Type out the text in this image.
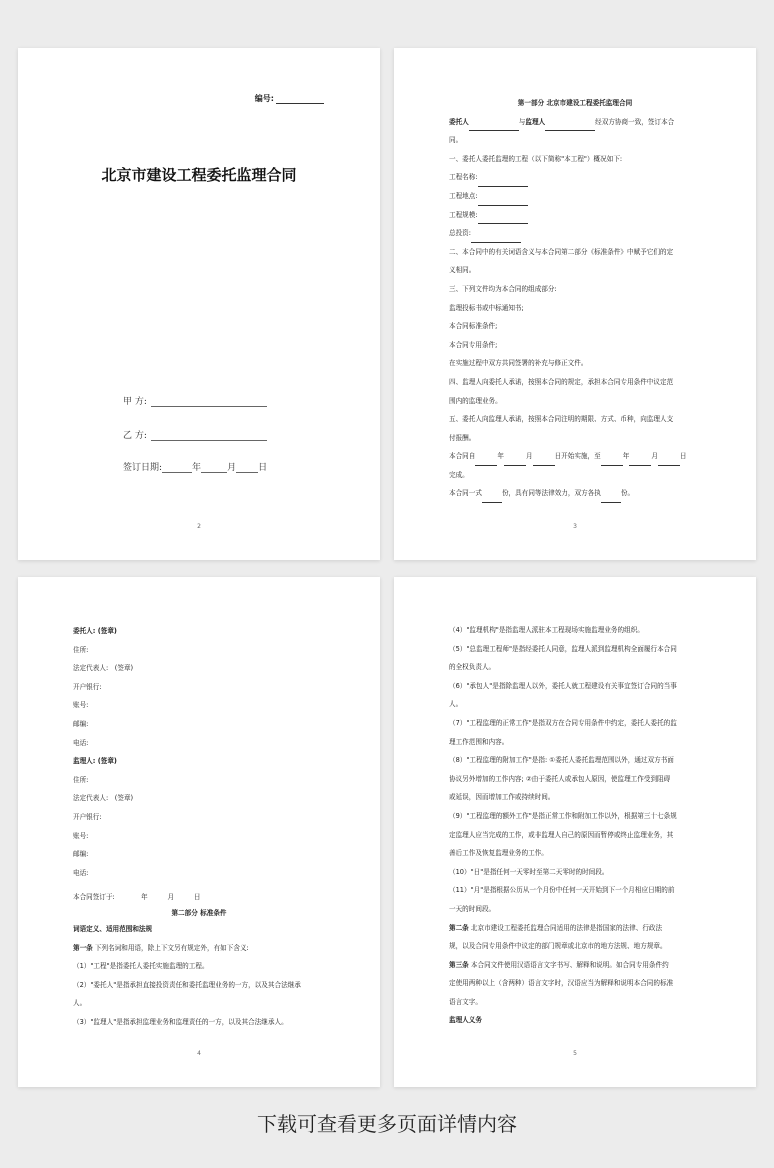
编号:
北京市建设工程委托监理合同
甲 方:
乙 方:
签订日期:	年	月 日
2

第一部分 北京市建设工程委托监理合同

委托人	与 监理人	经双方协商一致，签订本合

同。

一、委托人委托监理的工程（以下简称"本工程"）概况如下:

工程名称:

工程地点:

工程规模:

总投资:

二、本合同中的有关词语含义与本合同第二部分《标准条件》中赋予它们的定

义相同。

三、下列文件均为本合同的组成部分:

监理投标书或中标通知书;

本合同标准条件;

本合同专用条件;

在实施过程中双方共同签署的补充与修正文件。

四、监理人向委托人承诺，按照本合同的规定，承担本合同专用条件中议定范

围内的监理业务。

五、委托人向监理人承诺，按照本合同注明的期限、方式、币种，向监理人支

付报酬。

本合同自	年	月	日开始实施，至	年	月	日

完成。

本合同一式	份，具有同等法律效力，双方各执	份。

3

委托人: (签章)

住所:

法定代表人:　(签章)

开户银行:

账号:

邮编:

电话:

监理人: (签章)

住所:

法定代表人:　(签章)

开户银行:

账号:

邮编:

电话:

本合同签订于:　　　　年　　　月　　　日

第二部分 标准条件

词语定义、适用范围和法规

第一条 下列名词和用语，除上下文另有规定外，有如下含义:

（1）"工程"是指委托人委托实施监理的工程。

（2）"委托人"是指承担直接投资责任和委托监理业务的一方，以及其合法继承

人。

（3）"监理人"是指承担监理业务和监理责任的一方，以及其合法继承人。

4

（4）"监理机构"是指监理人派驻本工程现场实施监理业务的组织。

（5）"总监理工程师"是指经委托人同意，监理人派到监理机构全面履行本合同

的全权负责人。

（6）"承包人"是指除监理人以外，委托人就工程建设有关事宜签订合同的当事

人。

（7）"工程监理的正常工作"是指双方在合同专用条件中约定，委托人委托的监

理工作范围和内容。

（8）"工程监理的附加工作"是指: ①委托人委托监理范围以外，通过双方书面

协议另外增加的工作内容; ②由于委托人或承包人原因，使监理工作受到阻碍

或延误，因而增加工作或持续时间。

（9）"工程监理的额外工作"是指正常工作和附加工作以外，根据第三十七条规

定监理人应当完成的工作，或非监理人自己的原因而暂停或终止监理业务，其

善后工作及恢复监理业务的工作。

（10）"日"是指任何一天零时至第二天零时的时间段。

（11）"月"是指根据公历从一个月份中任何一天开始到下一个月相应日期的前

一天的时间段。

第二条 北京市建设工程委托监理合同适用的法律是指国家的法律、行政法

规，以及合同专用条件中议定的部门规章或北京市的地方法规、地方规章。

第三条 本合同文件使用汉语语言文字书写、解释和说明。如合同专用条件约

定使用两种以上（含两种）语言文字时，汉语应当为解释和说明本合同的标准

语言文字。

监理人义务

5
下载可查看更多页面详情内容
